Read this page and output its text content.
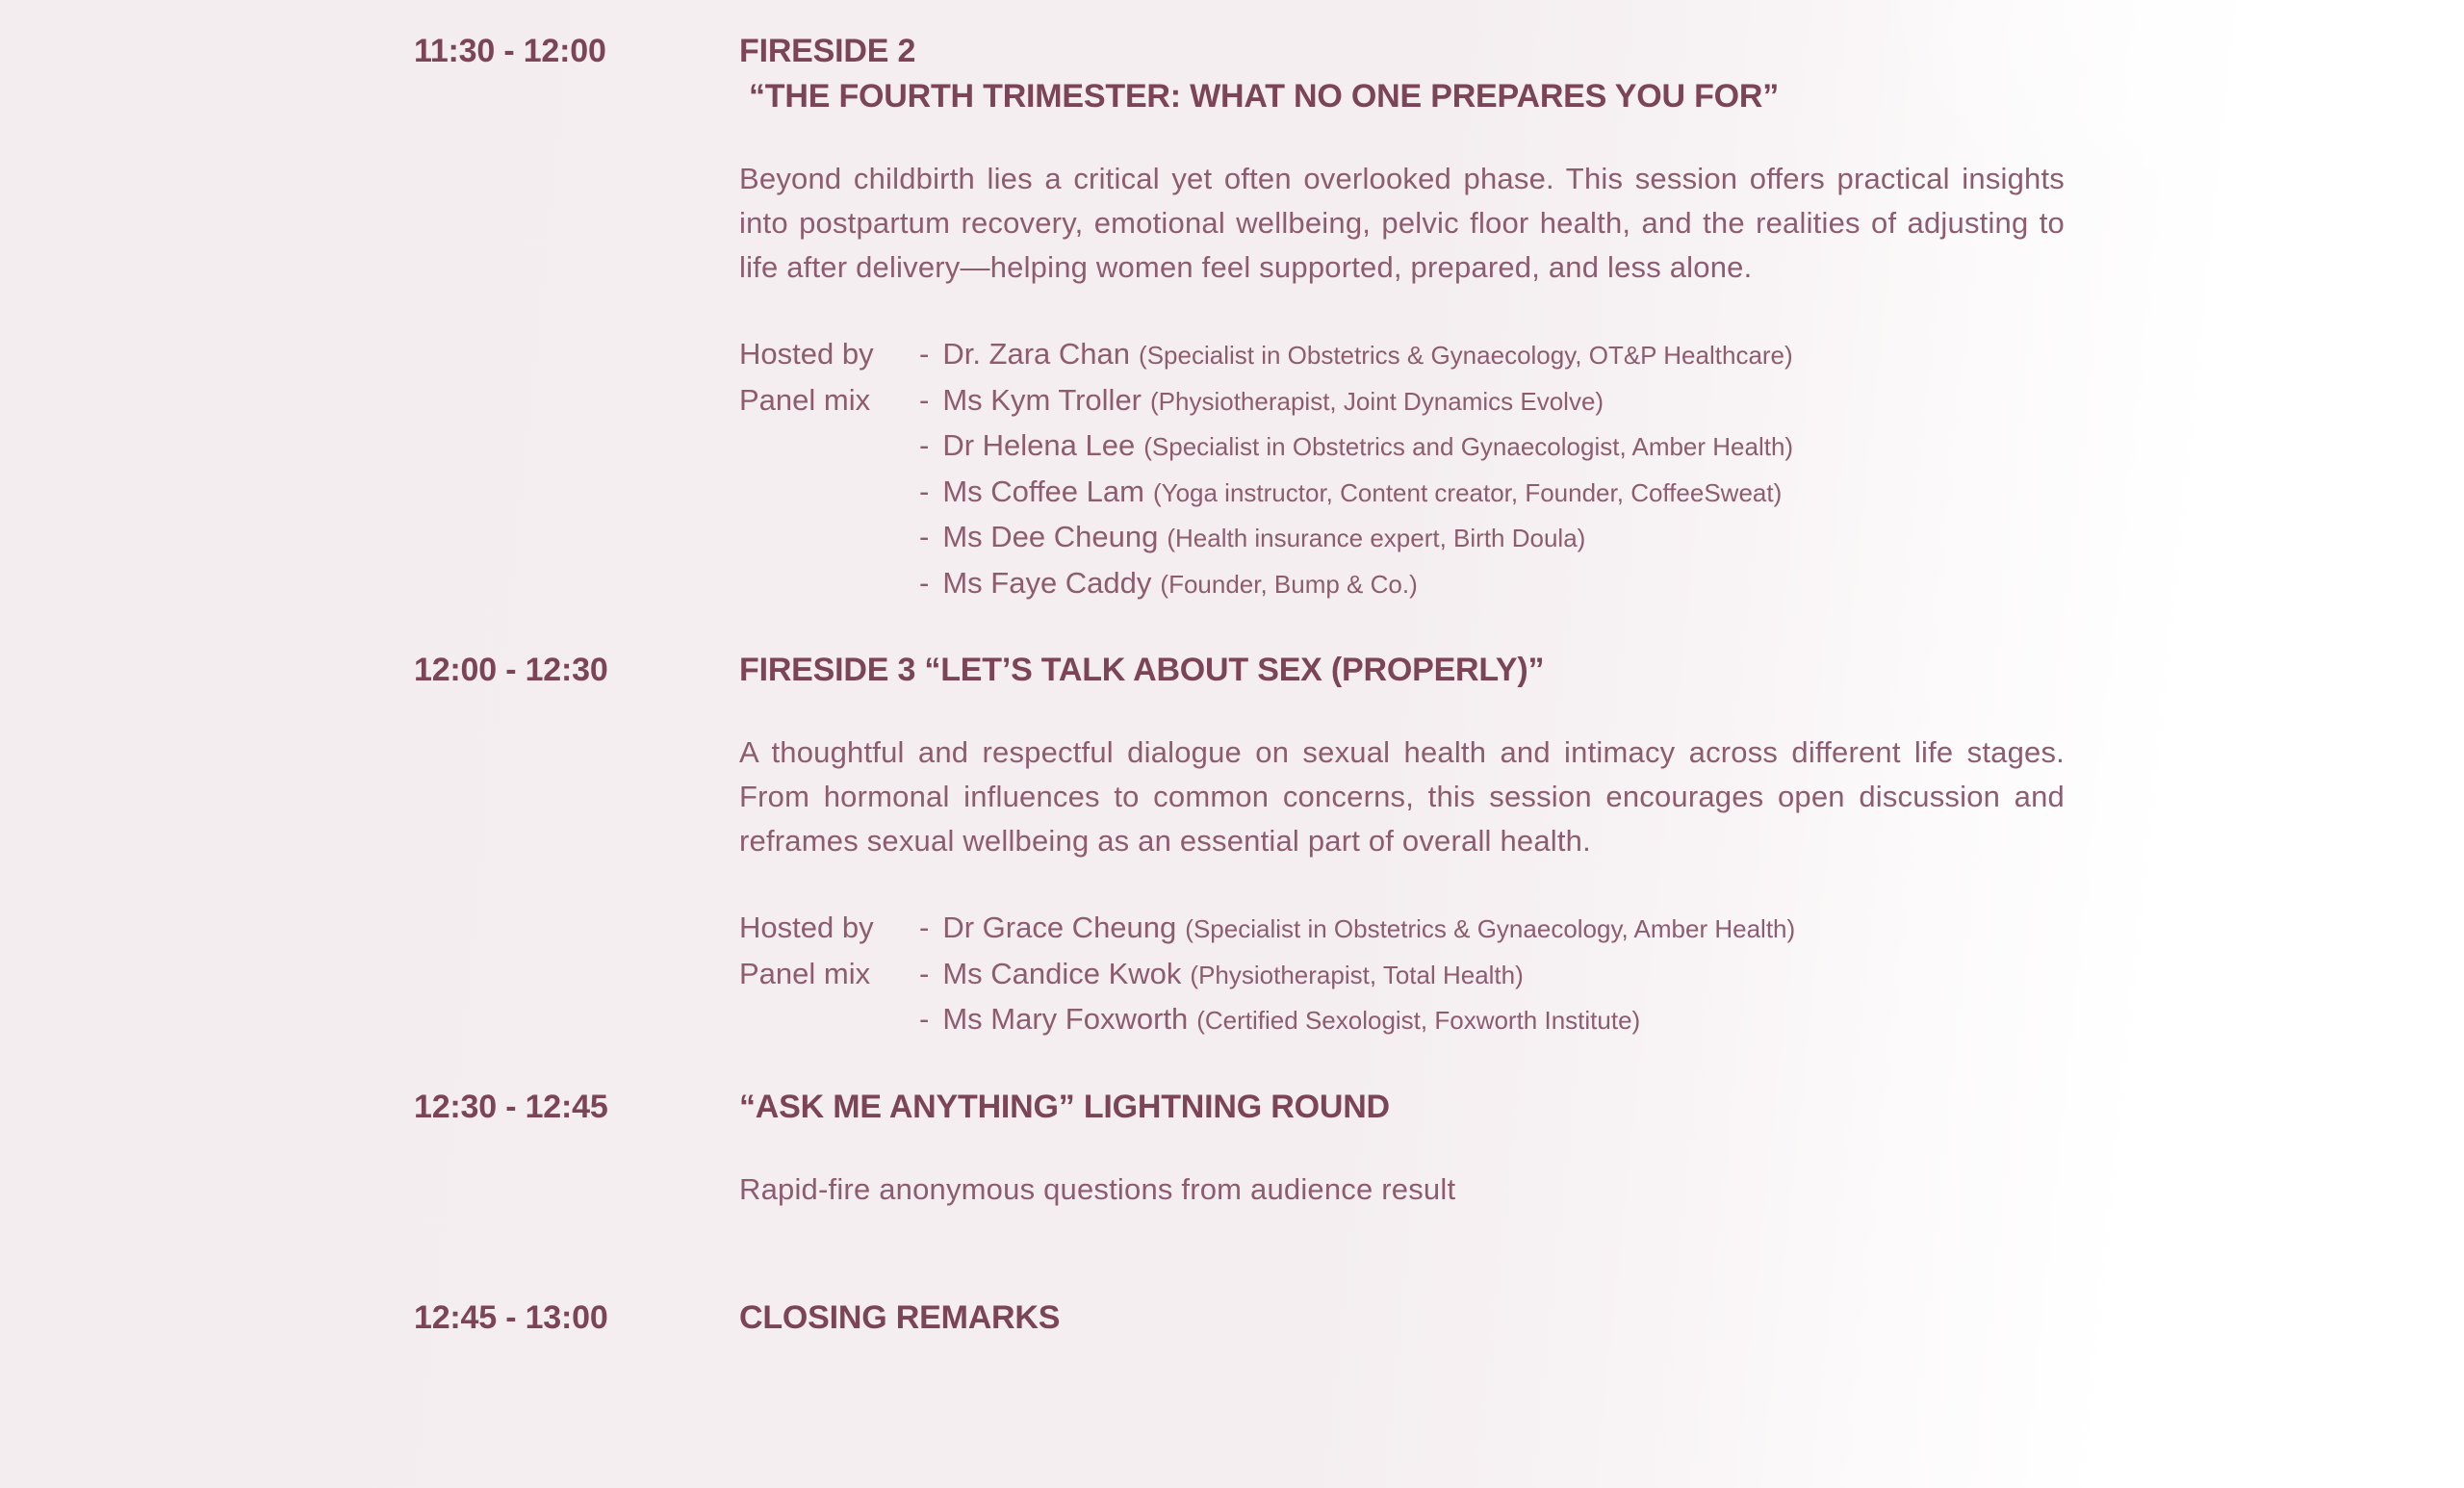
11:30 - 12:00	FIRESIDE 2
“THE FOURTH TRIMESTER: WHAT NO ONE PREPARES YOU FOR”

Beyond childbirth lies a critical yet often overlooked phase. This session offers practical insights into postpartum recovery, emotional wellbeing, pelvic floor health, and the realities of adjusting to life after delivery—helping women feel supported, prepared, and less alone.

Hosted by	- Dr. Zara Chan (Specialist in Obstetrics & Gynaecology, OT&P Healthcare)
Panel mix	- Ms Kym Troller (Physiotherapist, Joint Dynamics Evolve)
- Dr Helena Lee (Specialist in Obstetrics and Gynaecologist, Amber Health)
- Ms Coffee Lam (Yoga instructor, Content creator, Founder, CoffeeSweat)
- Ms Dee Cheung (Health insurance expert, Birth Doula)
- Ms Faye Caddy (Founder, Bump & Co.)
12:00 - 12:30	FIRESIDE 3 “LET’S TALK ABOUT SEX (PROPERLY)”

A thoughtful and respectful dialogue on sexual health and intimacy across different life stages. From hormonal influences to common concerns, this session encourages open discussion and reframes sexual wellbeing as an essential part of overall health.

Hosted by	- Dr Grace Cheung (Specialist in Obstetrics & Gynaecology, Amber Health)
Panel mix	- Ms Candice Kwok (Physiotherapist, Total Health)
- Ms Mary Foxworth (Certified Sexologist, Foxworth Institute)
12:30 - 12:45	“ASK ME ANYTHING” LIGHTNING ROUND

Rapid-fire anonymous questions from audience result

12:45 - 13:00	CLOSING REMARKS
